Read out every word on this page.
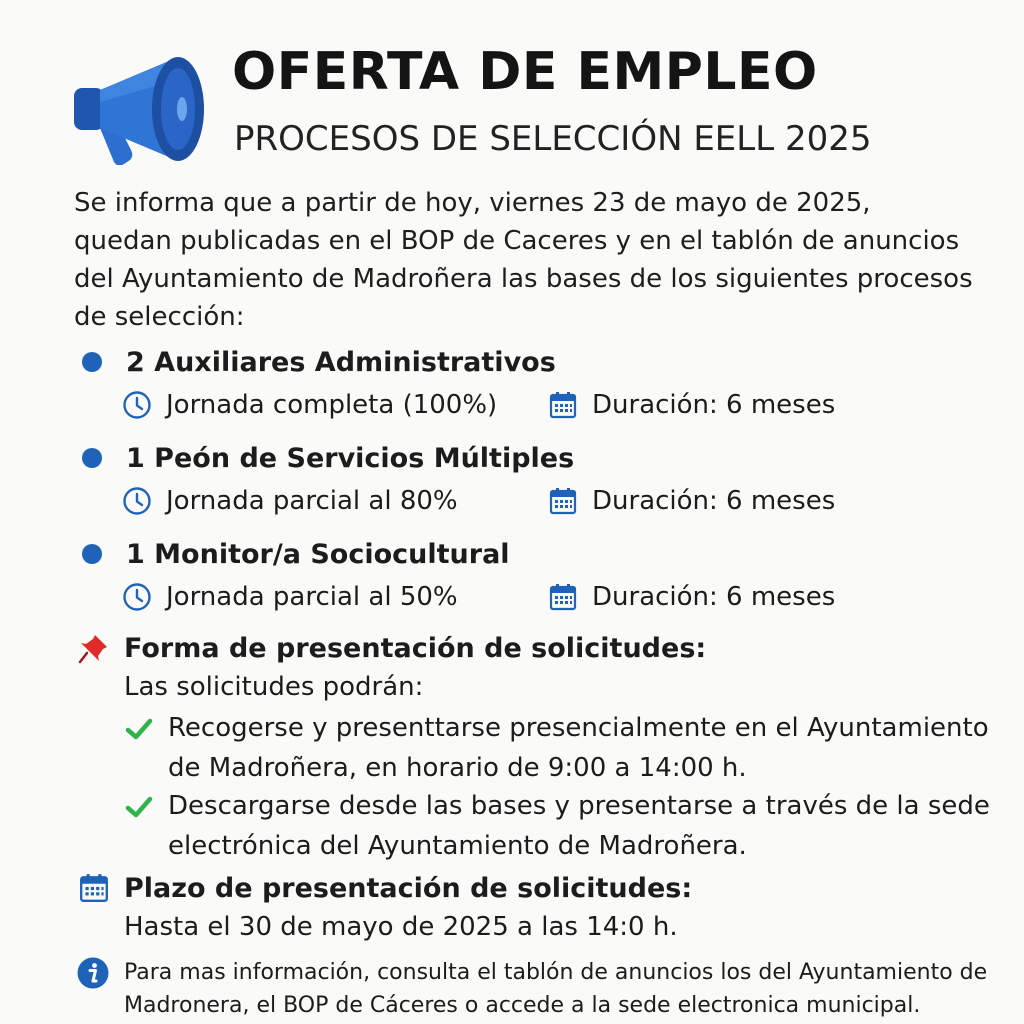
OFERTA DE EMPLEO
PROCESOS DE SELECCIÓN EELL 2025

Se informa que a partir de hoy, viernes 23 de mayo de 2025, quedan publicadas en el BOP de Caceres y en el tablón de anuncios del Ayuntamiento de Madroñera las bases de los siguientes procesos de selección:

2 Auxiliares Administrativos
Jornada completa (100%)	Duración: 6 meses
1 Peón de Servicios Múltiples
Jornada parcial al 80%	Duración: 6 meses
1 Monitor/a Sociocultural
Jornada parcial al 50%	Duración: 6 meses
Forma de presentación de solicitudes:
Las solicitudes podrán:
Recogerse y presenttarse presencialmente en el Ayuntamiento de Madroñera, en horario de 9:00 a 14:00 h.
Descargarse desde las bases y presentarse a través de la sede electrónica del Ayuntamiento de Madroñera.
Plazo de presentación de solicitudes:
Hasta el 30 de mayo de 2025 a las 14:0 h.
Para mas información, consulta el tablón de anuncios los del Ayuntamiento de Madronera, el BOP de Cáceres o accede a la sede electronica municipal.
